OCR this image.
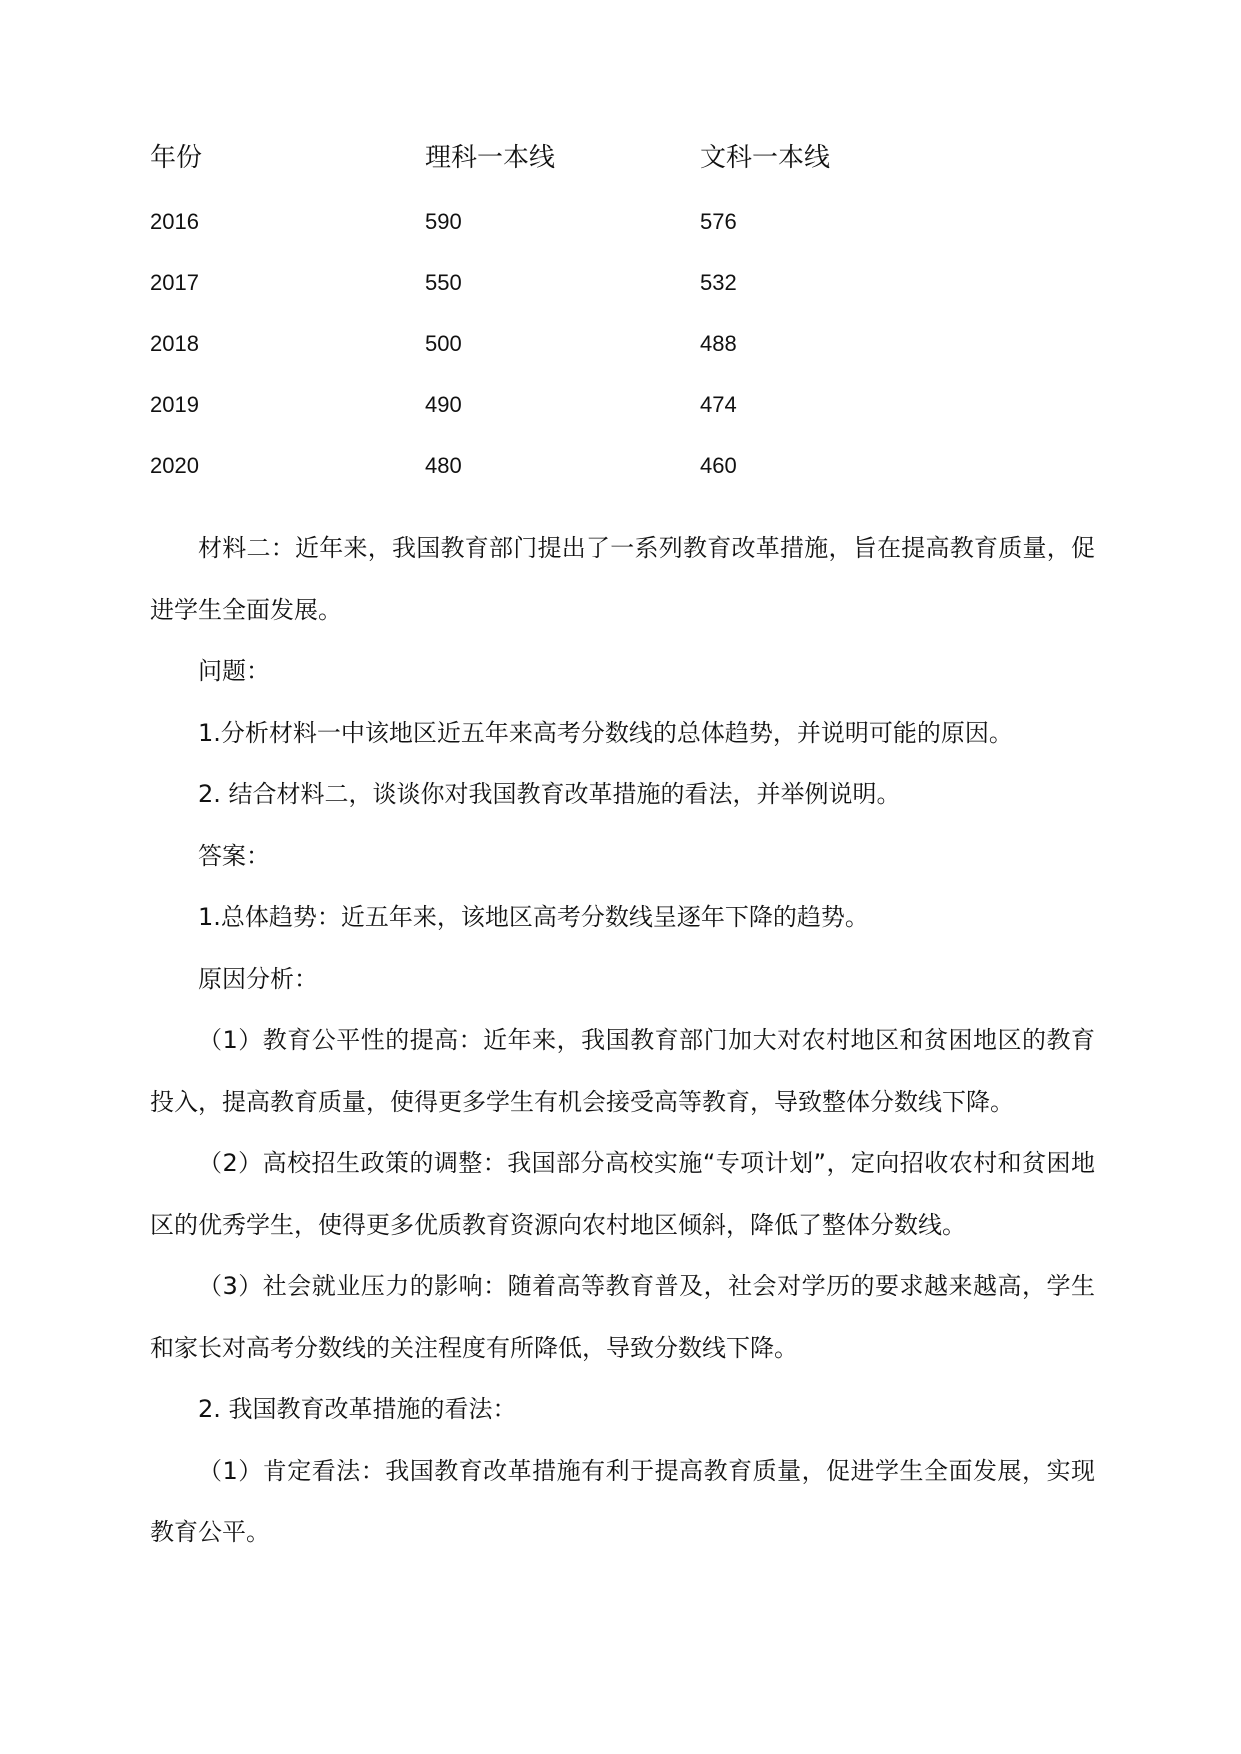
年份	理科一本线	文科一本线
2016	590	576
2017	550	532
2018	500	488
2019	490	474
2020	480	460

材料二：近年来，我国教育部门提出了一系列教育改革措施，旨在提高教育质量，促进学生全面发展。

问题：

1.分析材料一中该地区近五年来高考分数线的总体趋势，并说明可能的原因。

2. 结合材料二，谈谈你对我国教育改革措施的看法，并举例说明。

答案：

1.总体趋势：近五年来，该地区高考分数线呈逐年下降的趋势。

原因分析：

（1）教育公平性的提高：近年来，我国教育部门加大对农村地区和贫困地区的教育投入，提高教育质量，使得更多学生有机会接受高等教育，导致整体分数线下降。

（2）高校招生政策的调整：我国部分高校实施“专项计划”，定向招收农村和贫困地区的优秀学生，使得更多优质教育资源向农村地区倾斜，降低了整体分数线。

（3）社会就业压力的影响：随着高等教育普及，社会对学历的要求越来越高，学生和家长对高考分数线的关注程度有所降低，导致分数线下降。

2. 我国教育改革措施的看法：

（1）肯定看法：我国教育改革措施有利于提高教育质量，促进学生全面发展，实现教育公平。
